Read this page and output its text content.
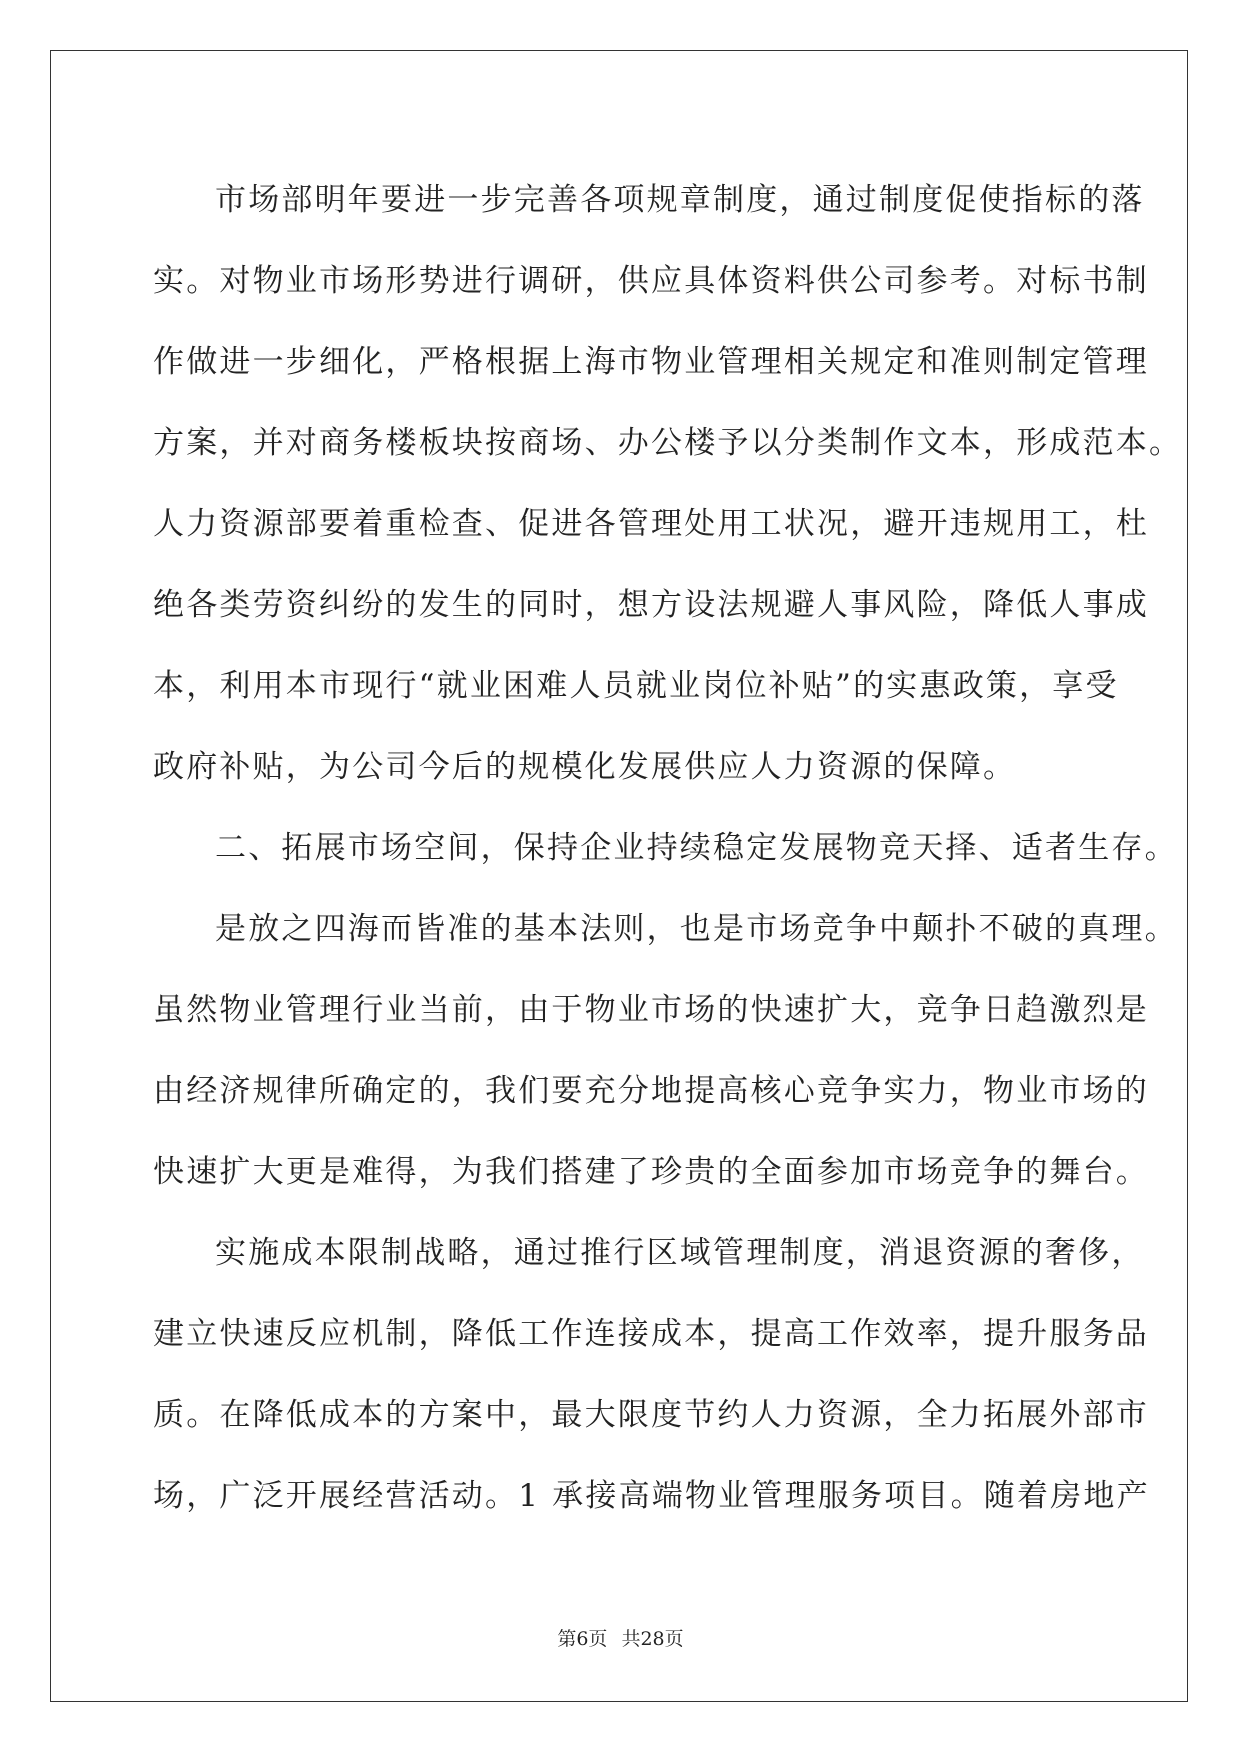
市场部明年要进一步完善各项规章制度，通过制度促使指标的落
实。对物业市场形势进行调研，供应具体资料供公司参考。对标书制
作做进一步细化，严格根据上海市物业管理相关规定和准则制定管理
方案，并对商务楼板块按商场、办公楼予以分类制作文本，形成范本。
人力资源部要着重检查、促进各管理处用工状况，避开违规用工，杜
绝各类劳资纠纷的发生的同时，想方设法规避人事风险，降低人事成
本，利用本市现行“就业困难人员就业岗位补贴”的实惠政策，享受
政府补贴，为公司今后的规模化发展供应人力资源的保障。
二、拓展市场空间，保持企业持续稳定发展物竞天择、适者生存。
是放之四海而皆准的基本法则，也是市场竞争中颠扑不破的真理。
虽然物业管理行业当前，由于物业市场的快速扩大，竞争日趋激烈是
由经济规律所确定的，我们要充分地提高核心竞争实力，物业市场的
快速扩大更是难得，为我们搭建了珍贵的全面参加市场竞争的舞台。
实施成本限制战略，通过推行区域管理制度，消退资源的奢侈，
建立快速反应机制，降低工作连接成本，提高工作效率，提升服务品
质。在降低成本的方案中，最大限度节约人力资源，全力拓展外部市
场，广泛开展经营活动。1 承接高端物业管理服务项目。随着房地产
第6页 共28页
